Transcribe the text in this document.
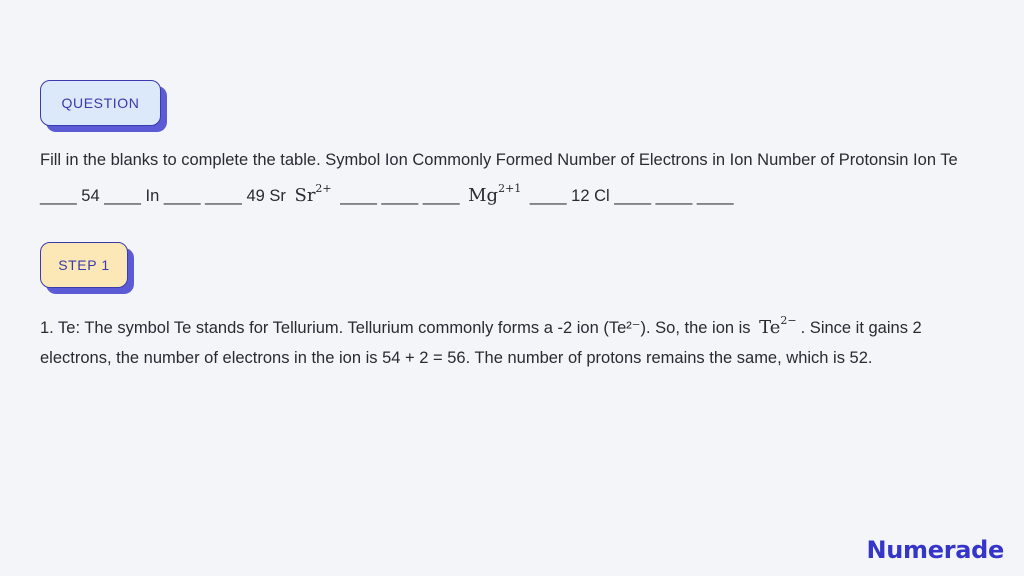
QUESTION
Fill in the blanks to complete the table. Symbol Ion Commonly Formed Number of Electrons in Ion Number of Protonsin Ion Te ____ 54 ____ In ____ ____ 49 Sr $Sr^{2+}$ ____ ____ ____ $Mg^{2+1}$ ____ 12 Cl ____ ____ ____
STEP 1
1. Te: The symbol Te stands for Tellurium. Tellurium commonly forms a -2 ion (Te²⁻). So, the ion is $Te^{2-}$ . Since it gains 2 electrons, the number of electrons in the ion is 54 + 2 = 56. The number of protons remains the same, which is 52.
Numerade
